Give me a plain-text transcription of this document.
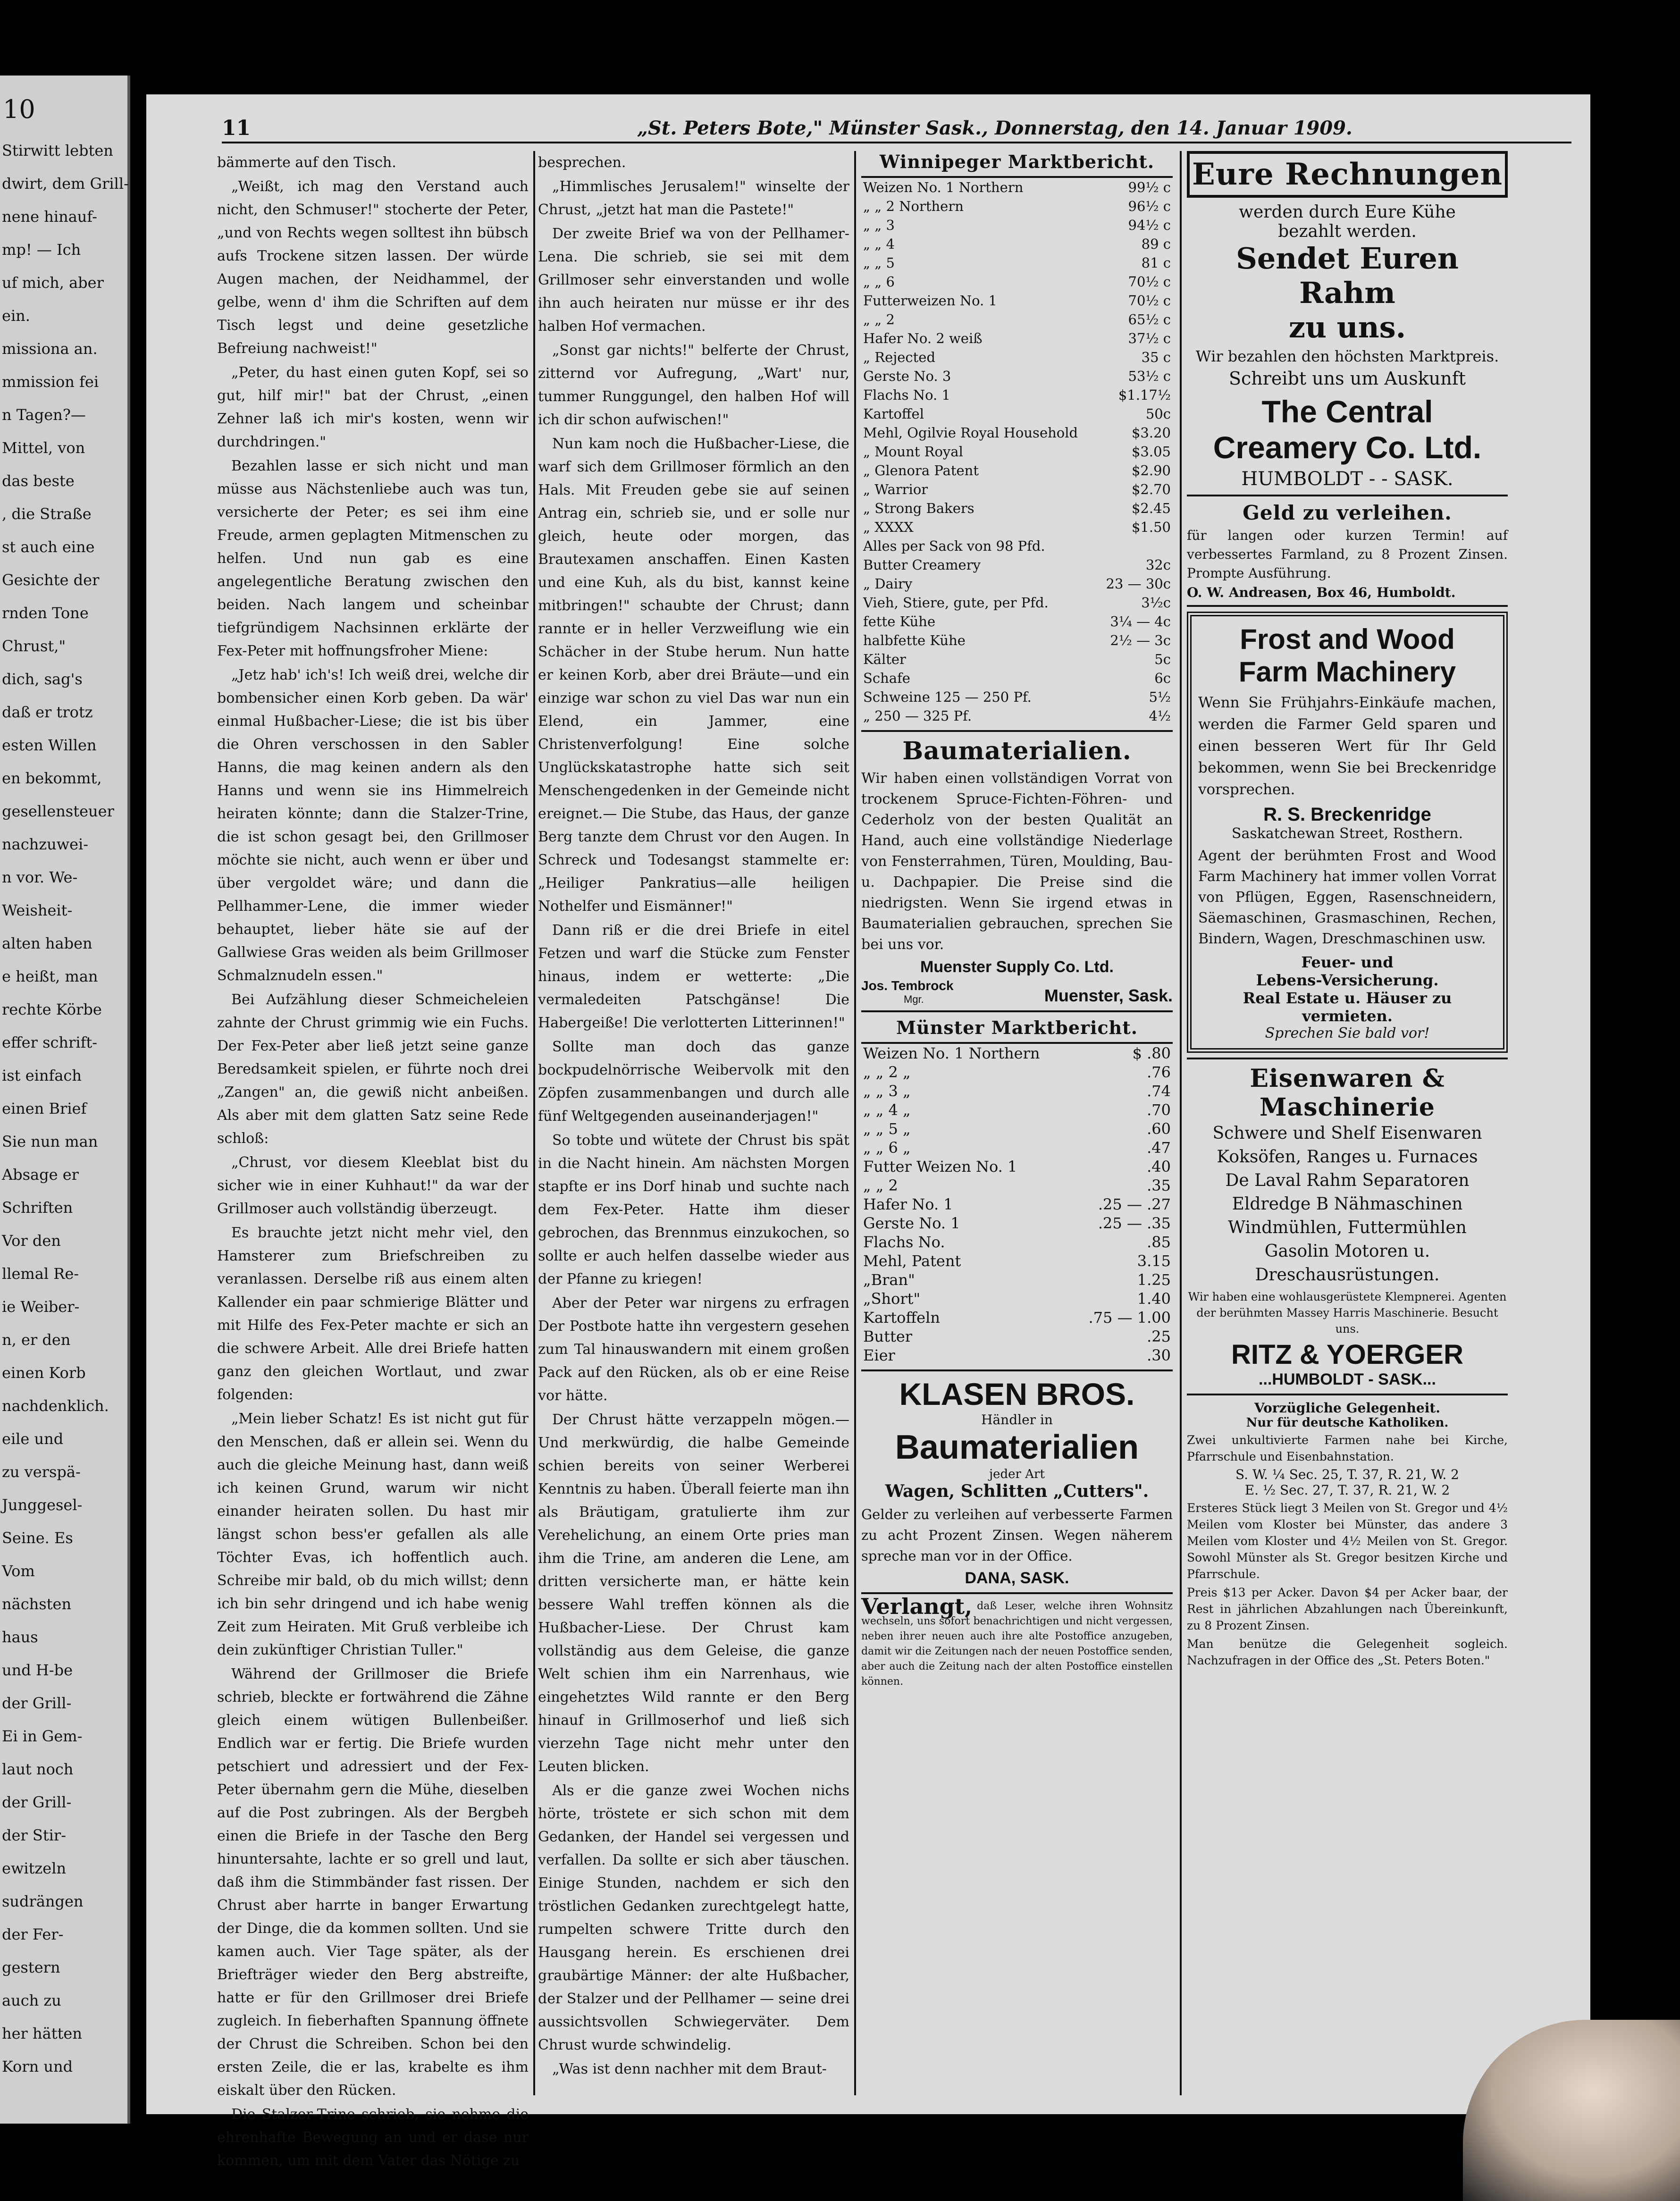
10
Stirwitt lebten
dwirt, dem Grill-
nene hinauf-
mp! — Ich
uf mich, aber
ein.
missiona an.
mmission fei
n Tagen?—
Mittel, von
das beste
, die Straße
st auch eine
Gesichte der
rnden Tone
Chrust,"
dich, sag's
daß er trotz
esten Willen
en bekommt,
gesellensteuer
nachzuwei-
n vor. We-
Weisheit-
alten haben
e heißt, man
rechte Körbe
effer schrift-
ist einfach
einen Brief
Sie nun man
Absage er
Schriften
Vor den
llemal Re-
ie Weiber-
n, er den
einen Korb
nachdenklich.
eile und
zu verspä-
Junggesel-
Seine. Es
Vom
nächsten
haus
und H-be
der Grill-
Ei in Gem-
laut noch
der Grill-
der Stir-
ewitzeln
sudrängen
der Fer-
gestern
auch zu
her hätten
Korn und
11	„St. Peters Bote," Münster Sask., Donnerstag, den 14. Januar 1909.

bämmerte auf den Tisch.

„Weißt, ich mag den Verstand auch nicht, den Schmuser!" stocherte der Peter, „und von Rechts wegen solltest ihn bübsch aufs Trockene sitzen lassen. Der würde Augen machen, der Neidhammel, der gelbe, wenn d' ihm die Schriften auf dem Tisch legst und deine gesetzliche Befreiung nachweist!"

„Peter, du hast einen guten Kopf, sei so gut, hilf mir!" bat der Chrust, „einen Zehner laß ich mir's kosten, wenn wir durchdringen."

Bezahlen lasse er sich nicht und man müsse aus Nächstenliebe auch was tun, versicherte der Peter; es sei ihm eine Freude, armen geplagten Mitmenschen zu helfen. Und nun gab es eine angelegentliche Beratung zwischen den beiden. Nach langem und scheinbar tiefgründigem Nachsinnen erklärte der Fex-Peter mit hoffnungsfroher Miene:

„Jetz hab' ich's! Ich weiß drei, welche dir bombensicher einen Korb geben. Da wär' einmal Hußbacher-Liese; die ist bis über die Ohren verschossen in den Sabler Hanns, die mag keinen andern als den Hanns und wenn sie ins Himmelreich heiraten könnte; dann die Stalzer-Trine, die ist schon gesagt bei, den Grillmoser möchte sie nicht, auch wenn er über und über vergoldet wäre; und dann die Pellhammer-Lene, die immer wieder behauptet, lieber häte sie auf der Gallwiese Gras weiden als beim Grillmoser Schmalznudeln essen."

Bei Aufzählung dieser Schmeicheleien zahnte der Chrust grimmig wie ein Fuchs. Der Fex-Peter aber ließ jetzt seine ganze Beredsamkeit spielen, er führte noch drei „Zangen" an, die gewiß nicht anbeißen. Als aber mit dem glatten Satz seine Rede schloß:

„Chrust, vor diesem Kleeblat bist du sicher wie in einer Kuhhaut!" da war der Grillmoser auch vollständig überzeugt.

Es brauchte jetzt nicht mehr viel, den Hamsterer zum Briefschreiben zu veranlassen. Derselbe riß aus einem alten Kallender ein paar schmierige Blätter und mit Hilfe des Fex-Peter machte er sich an die schwere Arbeit. Alle drei Briefe hatten ganz den gleichen Wortlaut, und zwar folgenden:

„Mein lieber Schatz! Es ist nicht gut für den Menschen, daß er allein sei. Wenn du auch die gleiche Meinung hast, dann weiß ich keinen Grund, warum wir nicht einander heiraten sollen. Du hast mir längst schon bess'er gefallen als alle Töchter Evas, ich hoffentlich auch. Schreibe mir bald, ob du mich willst; denn ich bin sehr dringend und ich habe wenig Zeit zum Heiraten. Mit Gruß verbleibe ich dein zukünftiger Christian Tuller."

Während der Grillmoser die Briefe schrieb, bleckte er fortwährend die Zähne gleich einem wütigen Bullenbeißer. Endlich war er fertig. Die Briefe wurden petschiert und adressiert und der Fex-Peter übernahm gern die Mühe, dieselben auf die Post zubringen. Als der Bergbeh einen die Briefe in der Tasche den Berg hinuntersahte, lachte er so grell und laut, daß ihm die Stimmbänder fast rissen. Der Chrust aber harrte in banger Erwartung der Dinge, die da kommen sollten. Und sie kamen auch. Vier Tage später, als der Briefträger wieder den Berg abstreifte, hatte er für den Grillmoser drei Briefe zugleich. In fieberhaften Spannung öffnete der Chrust die Schreiben. Schon bei den ersten Zeile, die er las, krabelte es ihm eiskalt über den Rücken.

Die Stalzer-Trine schrieb, sie nehme die ehrenhafte Bewegung an und er dase nur kommen, um mit dem Vater das Nötige zu

besprechen.

„Himmlisches Jerusalem!" winselte der Chrust, „jetzt hat man die Pastete!"

Der zweite Brief wa von der Pellhamer-Lena. Die schrieb, sie sei mit dem Grillmoser sehr einverstanden und wolle ihn auch heiraten nur müsse er ihr des halben Hof vermachen.

„Sonst gar nichts!" belferte der Chrust, zitternd vor Aufregung, „Wart' nur, tummer Runggungel, den halben Hof will ich dir schon aufwischen!"

Nun kam noch die Hußbacher-Liese, die warf sich dem Grillmoser förmlich an den Hals. Mit Freuden gebe sie auf seinen Antrag ein, schrieb sie, und er solle nur gleich, heute oder morgen, das Brautexamen anschaffen. Einen Kasten und eine Kuh, als du bist, kannst keine mitbringen!" schaubte der Chrust; dann rannte er in heller Verzweiflung wie ein Schächer in der Stube herum. Nun hatte er keinen Korb, aber drei Bräute—und ein einzige war schon zu viel Das war nun ein Elend, ein Jammer, eine Christenverfolgung! Eine solche Unglückskatastrophe hatte sich seit Menschengedenken in der Gemeinde nicht ereignet.— Die Stube, das Haus, der ganze Berg tanzte dem Chrust vor den Augen. In Schreck und Todesangst stammelte er: „Heiliger Pankratius—alle heiligen Nothelfer und Eismänner!"

Dann riß er die drei Briefe in eitel Fetzen und warf die Stücke zum Fenster hinaus, indem er wetterte: „Die vermaledeiten Patschgänse! Die Habergeiße! Die verlotterten Litterinnen!"

Sollte man doch das ganze bockpudelnörrische Weibervolk mit den Zöpfen zusammenbangen und durch alle fünf Weltgegenden auseinanderjagen!"

So tobte und wütete der Chrust bis spät in die Nacht hinein. Am nächsten Morgen stapfte er ins Dorf hinab und suchte nach dem Fex-Peter. Hatte ihm dieser gebrochen, das Brennmus einzukochen, so sollte er auch helfen dasselbe wieder aus der Pfanne zu kriegen!

Aber der Peter war nirgens zu erfragen Der Postbote hatte ihn vergestern gesehen zum Tal hinauswandern mit einem großen Pack auf den Rücken, als ob er eine Reise vor hätte.

Der Chrust hätte verzappeln mögen.— Und merkwürdig, die halbe Gemeinde schien bereits von seiner Werberei Kenntnis zu haben. Überall feierte man ihn als Bräutigam, gratulierte ihm zur Verehelichung, an einem Orte pries man ihm die Trine, am anderen die Lene, am dritten versicherte man, er hätte kein bessere Wahl treffen können als die Hußbacher-Liese. Der Chrust kam vollständig aus dem Geleise, die ganze Welt schien ihm ein Narrenhaus, wie eingehetztes Wild rannte er den Berg hinauf in Grillmoserhof und ließ sich vierzehn Tage nicht mehr unter den Leuten blicken.

Als er die ganze zwei Wochen nichs hörte, tröstete er sich schon mit dem Gedanken, der Handel sei vergessen und verfallen. Da sollte er sich aber täuschen. Einige Stunden, nachdem er sich den tröstlichen Gedanken zurechtgelegt hatte, rumpelten schwere Tritte durch den Hausgang herein. Es erschienen drei graubärtige Männer: der alte Hußbacher, der Stalzer und der Pellhamer — seine drei aussichtsvollen Schwiegerväter. Dem Chrust wurde schwindelig.

„Was ist denn nachher mit dem Braut-

Winnipeger Marktbericht.
Weizen No. 1 Northern	99½ c
„ „ 2 Northern	96½ c
„ „ 3	94½ c
„ „ 4	89 c
„ „ 5	81 c
„ „ 6	70½ c
Futterweizen No. 1	70½ c
„ „ 2	65½ c
Hafer No. 2 weiß	37½ c
„ Rejected	35 c
Gerste No. 3	53½ c
Flachs No. 1	$1.17½
Kartoffel	50c
Mehl, Ogilvie Royal Household	$3.20
„ Mount Royal	$3.05
„ Glenora Patent	$2.90
„ Warrior	$2.70
„ Strong Bakers	$2.45
„ XXXX	$1.50
Alles per Sack von 98 Pfd.	
Butter Creamery	32c
„ Dairy	23 — 30c
Vieh, Stiere, gute, per Pfd.	3½c
fette Kühe	3¼ — 4c
halbfette Kühe	2½ — 3c
Kälter	5c
Schafe	6c
Schweine 125 — 250 Pf.	5½
„ 250 — 325 Pf.	4½
Baumaterialien.

Wir haben einen vollständigen Vorrat von trockenem Spruce-Fichten-Föhren- und Cederholz von der besten Qualität an Hand, auch eine vollständige Niederlage von Fensterrahmen, Türen, Moulding, Bau- u. Dachpapier. Die Preise sind die niedrigsten. Wenn Sie irgend etwas in Baumaterialien gebrauchen, sprechen Sie bei uns vor.

Muenster Supply Co. Ltd.
Jos. Tembrock
Mgr.	Muenster, Sask.
Münster Marktbericht.
Weizen No. 1 Northern	$ .80
„ „ 2 „	.76
„ „ 3 „	.74
„ „ 4 „	.70
„ „ 5 „	.60
„ „ 6 „	.47
Futter Weizen No. 1	.40
„ „ 2	.35
Hafer No. 1	.25 — .27
Gerste No. 1	.25 — .35
Flachs No.	.85
Mehl, Patent	3.15
„Bran"	1.25
„Short"	1.40
Kartoffeln	.75 — 1.00
Butter	.25
Eier	.30
KLASEN BROS.
Händler in
Baumaterialien
jeder Art
Wagen, Schlitten „Cutters".

Gelder zu verleihen auf verbesserte Farmen zu acht Prozent Zinsen. Wegen näherem spreche man vor in der Office.

DANA, SASK.
Verlangt, daß Leser, welche ihren Wohnsitz wechseln, uns sofort benachrichtigen und nicht vergessen, neben ihrer neuen auch ihre alte Postoffice anzugeben, damit wir die Zeitungen nach der neuen Postoffice senden, aber auch die Zeitung nach der alten Postoffice einstellen können.
Eure Rechnungen
werden durch Eure Kühe
bezahlt werden.
Sendet Euren Rahm
zu uns.
Wir bezahlen den höchsten Marktpreis.
Schreibt uns um Auskunft
The Central
Creamery Co. Ltd.
HUMBOLDT - - SASK.
Geld zu verleihen.

für langen oder kurzen Termin! auf verbessertes Farmland, zu 8 Prozent Zinsen. Prompte Ausführung.

O. W. Andreasen, Box 46, Humboldt.
Frost and Wood
Farm Machinery

Wenn Sie Frühjahrs-Einkäufe machen, werden die Farmer Geld sparen und einen besseren Wert für Ihr Geld bekommen, wenn Sie bei Breckenridge vorsprechen.

R. S. Breckenridge
Saskatchewan Street, Rosthern.

Agent der berühmten Frost and Wood Farm Machinery hat immer vollen Vorrat von Pflügen, Eggen, Rasenschneidern, Säemaschinen, Grasmaschinen, Rechen, Bindern, Wagen, Dreschmaschinen usw.

Feuer- und
Lebens-Versicherung.
Real Estate u. Häuser zu vermieten.
Sprechen Sie bald vor!
Eisenwaren & Maschinerie
Schwere und Shelf Eisenwaren
Koksöfen, Ranges u. Furnaces
De Laval Rahm Separatoren
Eldredge B Nähmaschinen
Windmühlen, Futtermühlen
Gasolin Motoren u. Dreschausrüstungen.

Wir haben eine wohlausgerüstete Klempnerei. Agenten der berühmten Massey Harris Maschinerie. Besucht uns.

RITZ & YOERGER
...HUMBOLDT - SASK...
Vorzügliche Gelegenheit.
Nur für deutsche Katholiken.

Zwei unkultivierte Farmen nahe bei Kirche, Pfarrschule und Eisenbahnstation.

S. W. ¼ Sec. 25, T. 37, R. 21, W. 2
E. ½ Sec. 27, T. 37, R. 21, W. 2

Ersteres Stück liegt 3 Meilen von St. Gregor und 4½ Meilen vom Kloster bei Münster, das andere 3 Meilen vom Kloster und 4½ Meilen von St. Gregor. Sowohl Münster als St. Gregor besitzen Kirche und Pfarrschule.

Preis $13 per Acker. Davon $4 per Acker baar, der Rest in jährlichen Abzahlungen nach Übereinkunft, zu 8 Prozent Zinsen.

Man benütze die Gelegenheit sogleich. Nachzufragen in der Office des „St. Peters Boten."
